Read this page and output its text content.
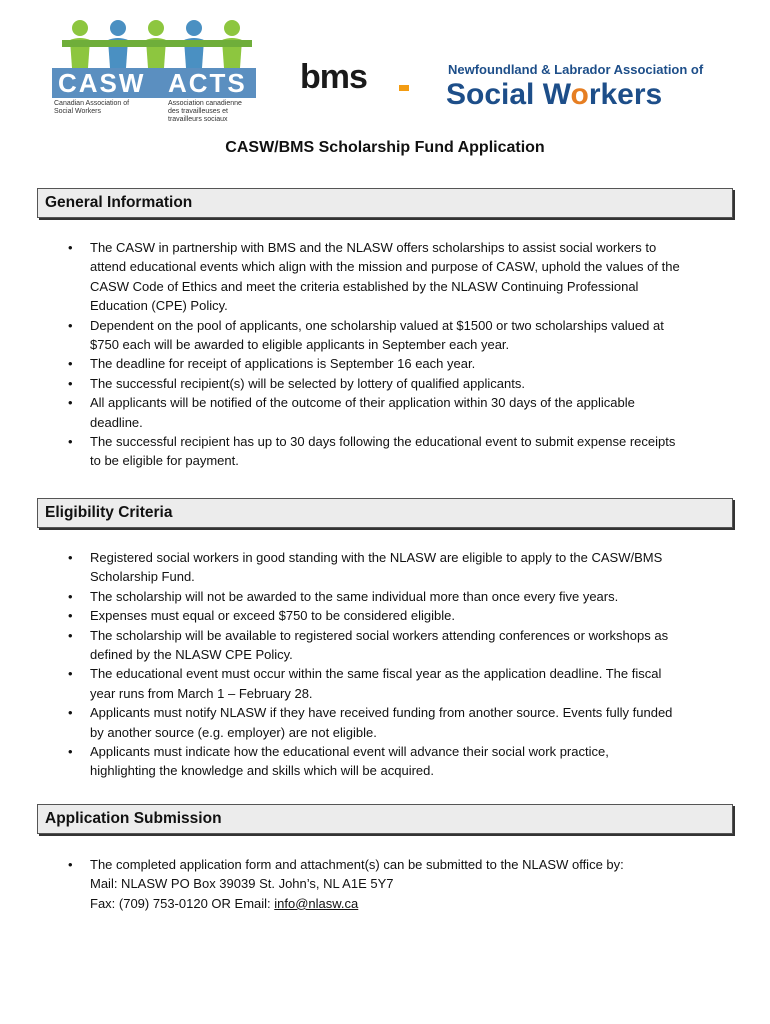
CASW ACTS
Canadian Association of
Social Workers
Association canadienne
des travailleuses et travailleurs sociaux
bms	Newfoundland & Labrador Association of
Social Workers
CASW/BMS Scholarship Fund Application
General Information
• The CASW in partnership with BMS and the NLASW offers scholarships to assist social workers to
attend educational events which align with the mission and purpose of CASW, uphold the values of the
CASW Code of Ethics and meet the criteria established by the NLASW Continuing Professional
Education (CPE) Policy.
• Dependent on the pool of applicants, one scholarship valued at $1500 or two scholarships valued at
$750 each will be awarded to eligible applicants in September each year.
• The deadline for receipt of applications is September 16 each year.
• The successful recipient(s) will be selected by lottery of qualified applicants.
• All applicants will be notified of the outcome of their application within 30 days of the applicable
deadline.
• The successful recipient has up to 30 days following the educational event to submit expense receipts
to be eligible for payment.
Eligibility Criteria
• Registered social workers in good standing with the NLASW are eligible to apply to the CASW/BMS
Scholarship Fund.
• The scholarship will not be awarded to the same individual more than once every five years.
• Expenses must equal or exceed $750 to be considered eligible.
• The scholarship will be available to registered social workers attending conferences or workshops as
defined by the NLASW CPE Policy.
• The educational event must occur within the same fiscal year as the application deadline. The fiscal
year runs from March 1 – February 28.
• Applicants must notify NLASW if they have received funding from another source. Events fully funded
by another source (e.g. employer) are not eligible.
• Applicants must indicate how the educational event will advance their social work practice,
highlighting the knowledge and skills which will be acquired.
Application Submission
• The completed application form and attachment(s) can be submitted to the NLASW office by:
Mail: NLASW PO Box 39039 St. John’s, NL A1E 5Y7
Fax: (709) 753-0120 OR Email: info@nlasw.ca
